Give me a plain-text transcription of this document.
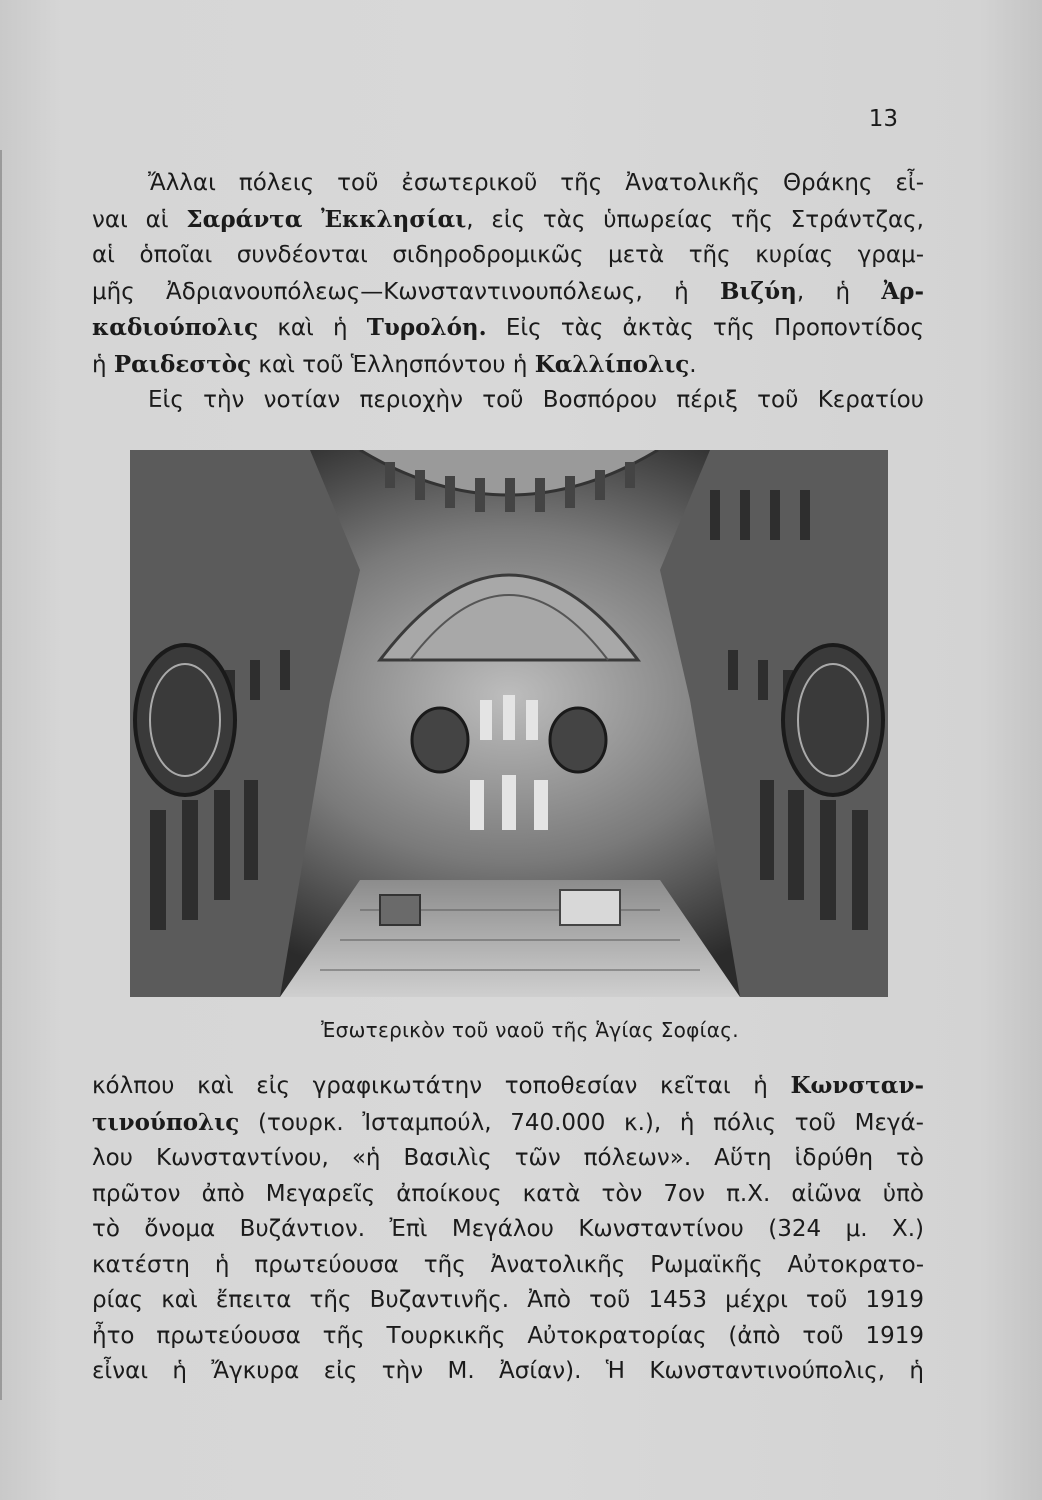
13
Ἄλλαι πόλεις τοῦ ἐσωτερικοῦ τῆς Ἀνατολικῆς Θράκης εἶ-
ναι αἱ Σαράντα Ἐκκλησίαι, εἰς τὰς ὑπωρείας τῆς Στράντζας,
αἱ ὁποῖαι συνδέονται σιδηροδρομικῶς μετὰ τῆς κυρίας γραμ-
μῆς Ἀδριανουπόλεως—Κωνσταντινουπόλεως, ἡ Βιζύη, ἡ Ἀρ-
καδιούπολις καὶ ἡ Τυρολόη. Εἰς τὰς ἀκτὰς τῆς Προποντίδος
ἡ Ραιδεστὸς καὶ τοῦ Ἑλλησπόντου ἡ Καλλίπολις.
Εἰς τὴν νοτίαν περιοχὴν τοῦ Βοσπόρου πέριξ τοῦ Κερατίου
Ἐσωτερικὸν τοῦ ναοῦ τῆς Ἁγίας Σοφίας.
κόλπου καὶ εἰς γραφικωτάτην τοποθεσίαν κεῖται ἡ Κωνσταν-
τινούπολις (τουρκ. Ἰσταμπούλ, 740.000 κ.), ἡ πόλις τοῦ Μεγά-
λου Κωνσταντίνου, «ἡ Βασιλὶς τῶν πόλεων». Αὕτη ἱδρύθη τὸ
πρῶτον ἀπὸ Μεγαρεῖς ἀποίκους κατὰ τὸν 7ον π.Χ. αἰῶνα ὑπὸ
τὸ ὄνομα Βυζάντιον. Ἐπὶ Μεγάλου Κωνσταντίνου (324 μ. Χ.)
κατέστη ἡ πρωτεύουσα τῆς Ἀνατολικῆς Ρωμαϊκῆς Αὐτοκρατο-
ρίας καὶ ἔπειτα τῆς Βυζαντινῆς. Ἀπὸ τοῦ 1453 μέχρι τοῦ 1919
ἦτο πρωτεύουσα τῆς Τουρκικῆς Αὐτοκρατορίας (ἀπὸ τοῦ 1919
εἶναι ἡ Ἄγκυρα εἰς τὴν Μ. Ἀσίαν). Ἡ Κωνσταντινούπολις, ἡ
